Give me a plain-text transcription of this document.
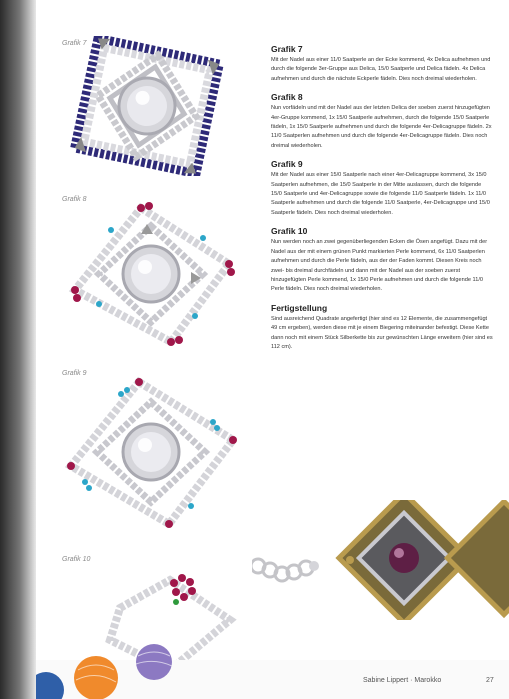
Grafik 7
Grafik 8
Grafik 9
Grafik 10
Grafik 7

Mit der Nadel aus einer 11/0 Saatperle an der Ecke kommend, 4x Delica aufnehmen und durch die folgende 3er-Gruppe aus Delica, 15/0 Saatperle und Delica fädeln. 4x Delica aufnehmen und durch die nächste Eckperle fädeln. Dies noch dreimal wiederholen.

Grafik 8

Nun vorfädeln und mit der Nadel aus der letzten Delica der soeben zuerst hinzugefügten 4er-Gruppe kommend, 1x 15/0 Saatperle aufnehmen, durch die folgende 15/0 Saatperle fädeln, 1x 15/0 Saatperle aufnehmen und durch die folgende 4er-Delicagruppe fädeln. 2x 11/0 Saatperlen aufnehmen und durch die folgende 4er-Delicagruppe fädeln. Dies noch dreimal wiederholen.

Grafik 9

Mit der Nadel aus einer 15/0 Saatperle nach einer 4er-Delicagruppe kommend, 3x 15/0 Saatperlen aufnehmen, die 15/0 Saatperle in der Mitte auslassen, durch die folgende 15/0 Saatperle und 4er-Delicagruppe sowie die folgende 11/0 Saatperle fädeln. 1x 11/0 Saatperle aufnehmen und durch die folgende 11/0 Saatperle, 4er-Delicagruppe und 15/0 Saatperle fädeln. Dies noch dreimal wiederholen.

Grafik 10

Nun werden noch an zwei gegenüberliegenden Ecken die Ösen angefügt. Dazu mit der Nadel aus der mit einem grünen Punkt markierten Perle kommend, 6x 11/0 Saatperlen aufnehmen und durch die Perle fädeln, aus der der Faden kommt. Diesen Kreis noch zwei- bis dreimal durchfädeln und dann mit der Nadel aus der soeben zuerst hinzugefügten Perle kommend, 1x 15/0 Perle aufnehmen und durch die folgende 11/0 Perle fädeln. Dies noch dreimal wiederholen.

Fertigstellung

Sind ausreichend Quadrate angefertigt (hier sind es 12 Elemente, die zusammengefügt 49 cm ergeben), werden diese mit je einem Biegering miteinander befestigt. Diese Kette dann noch mit einem Stück Silberkette bis zur gewünschten Länge erweitern (hier sind es 112 cm).

Sabine Lippert · Marokko	27
